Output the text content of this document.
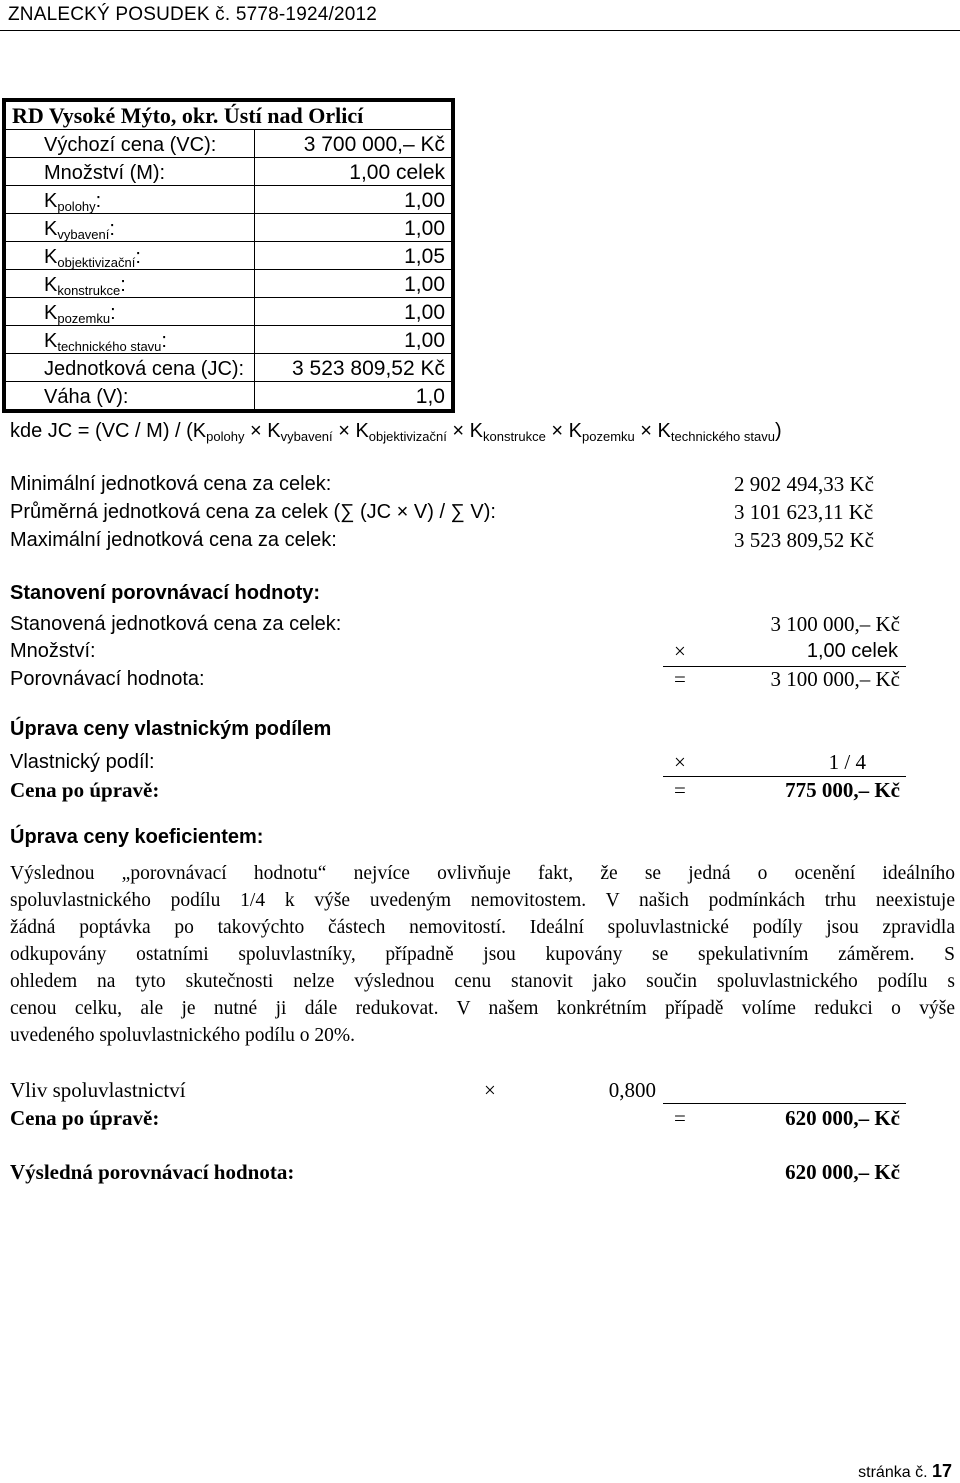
ZNALECKÝ POSUDEK č. 5778-1924/2012
RD Vysoké Mýto, okr. Ústí nad Orlicí	
Výchozí cena (VC):	3 700 000,– Kč
Množství (M):	1,00 celek
$K_{polohy}$:	1,00
$K_{vybavení}$:	1,00
$K_{objektivizační}$:	1,05
$K_{konstrukce}$:	1,00
$K_{pozemku}$:	1,00
$K_{technického stavu}$:	1,00
Jednotková cena (JC):	3 523 809,52 Kč
Váha (V):	1,0
kde JC = $(VC / M) / (K_{polohy} \times K_{vybavení} \times K_{objektivizační} \times K_{konstrukce} \times K_{pozemku} \times K_{technického stavu})$
Minimální jednotková cena za celek:	2 902 494,33 Kč
Průměrná jednotková cena za celek (∑ (JC × V) / ∑ V):	3 101 623,11 Kč
Maximální jednotková cena za celek:	3 523 809,52 Kč
Stanovení porovnávací hodnoty:
Stanovená jednotková cena za celek:	3 100 000,– Kč
Množství:	×	1,00 celek
Porovnávací hodnota:	=	3 100 000,– Kč
Úprava ceny vlastnickým podílem
Vlastnický podíl:	×	1 / 4
Cena po úpravě:	=	775 000,– Kč
Úprava ceny koeficientem:
Výslednou „porovnávací hodnotu“ nejvíce ovlivňuje fakt, že se jedná o ocenění ideálního
spoluvlastnického podílu 1/4 k výše uvedeným nemovitostem. V našich podmínkách trhu neexistuje
žádná poptávka po takovýchto částech nemovitostí. Ideální spoluvlastnické podíly jsou zpravidla
odkupovány ostatními spoluvlastníky, případně jsou kupovány se spekulativním záměrem. S
ohledem na tyto skutečnosti nelze výslednou cenu stanovit jako součin spoluvlastnického podílu s
cenou celku, ale je nutné ji dále redukovat. V našem konkrétním případě volíme redukci o výše
uvedeného spoluvlastnického podílu o 20%.
Vliv spoluvlastnictví	×	0,800
Cena po úpravě:	=	620 000,– Kč
Výsledná porovnávací hodnota:	620 000,– Kč
stránka č. 17
